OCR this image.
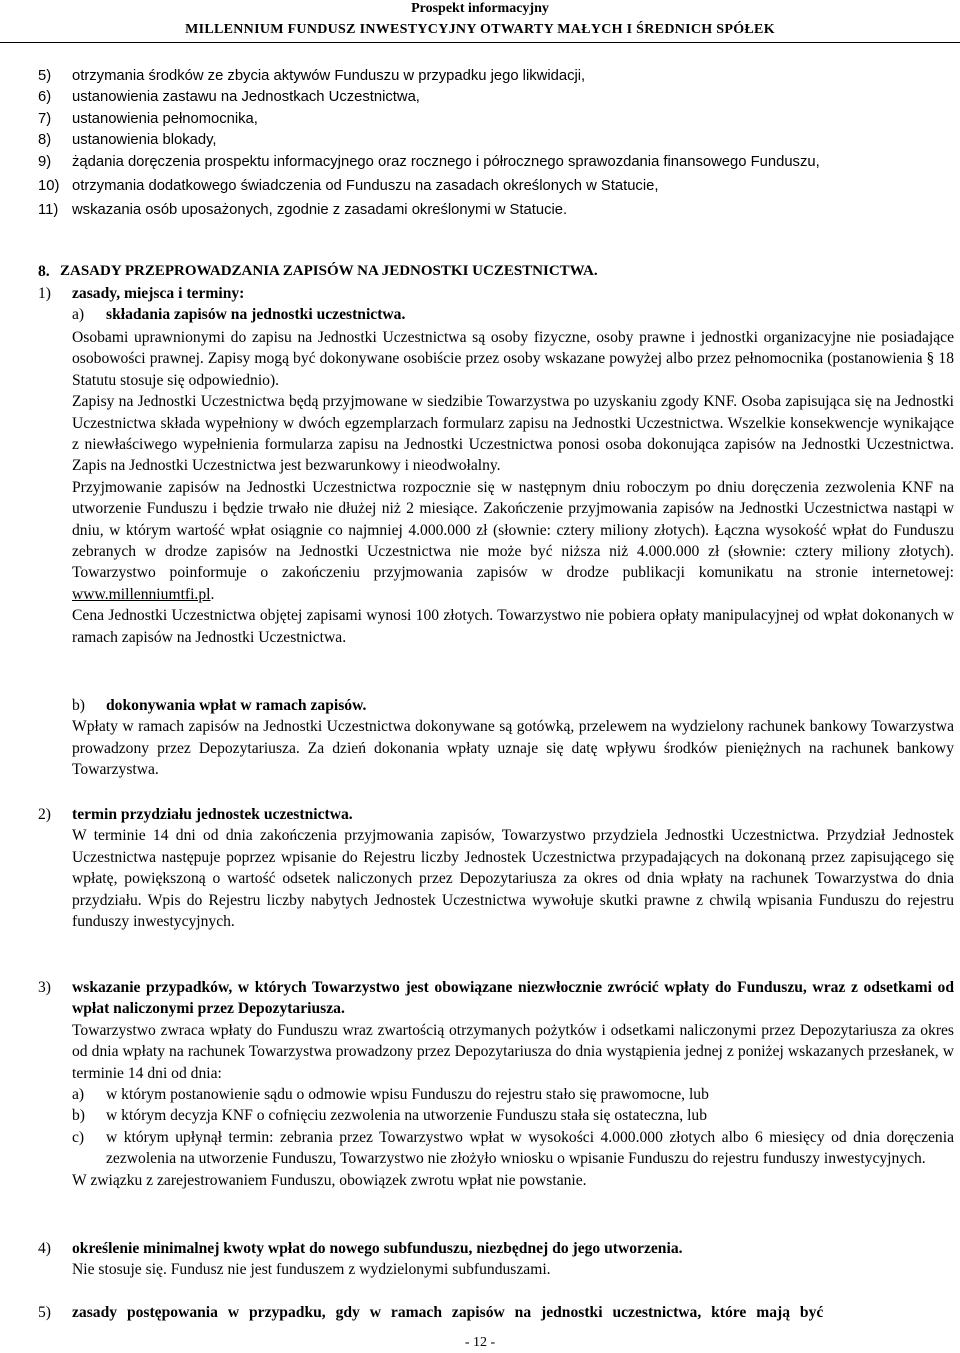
Prospekt informacyjny
MILLENNIUM FUNDUSZ INWESTYCYJNY OTWARTY MAŁYCH I ŚREDNICH SPÓŁEK
5) otrzymania środków ze zbycia aktywów Funduszu w przypadku jego likwidacji,
6) ustanowienia zastawu na Jednostkach Uczestnictwa,
7) ustanowienia pełnomocnika,
8) ustanowienia blokady,
9) żądania doręczenia prospektu informacyjnego oraz rocznego i półrocznego sprawozdania finansowego Funduszu,
10) otrzymania dodatkowego świadczenia od Funduszu na zasadach określonych w Statucie,
11) wskazania osób uposażonych, zgodnie z zasadami określonymi w Statucie.
8. ZASADY PRZEPROWADZANIA ZAPISÓW NA JEDNOSTKI UCZESTNICTWA.
1) zasady, miejsca i terminy:
a)	składania zapisów na jednostki uczestnictwa.

Osobami uprawnionymi do zapisu na Jednostki Uczestnictwa są osoby fizyczne, osoby prawne i jednostki organizacyjne nie posiadające osobowości prawnej. Zapisy mogą być dokonywane osobiście przez osoby wskazane powyżej albo przez pełnomocnika (postanowienia § 18 Statutu stosuje się odpowiednio).

Zapisy na Jednostki Uczestnictwa będą przyjmowane w siedzibie Towarzystwa po uzyskaniu zgody KNF. Osoba zapisująca się na Jednostki Uczestnictwa składa wypełniony w dwóch egzemplarzach formularz zapisu na Jednostki Uczestnictwa. Wszelkie konsekwencje wynikające z niewłaściwego wypełnienia formularza zapisu na Jednostki Uczestnictwa ponosi osoba dokonująca zapisów na Jednostki Uczestnictwa. Zapis na Jednostki Uczestnictwa jest bezwarunkowy i nieodwołalny.

Przyjmowanie zapisów na Jednostki Uczestnictwa rozpocznie się w następnym dniu roboczym po dniu doręczenia zezwolenia KNF na utworzenie Funduszu i będzie trwało nie dłużej niż 2 miesiące. Zakończenie przyjmowania zapisów na Jednostki Uczestnictwa nastąpi w dniu, w którym wartość wpłat osiągnie co najmniej 4.000.000 zł (słownie: cztery miliony złotych). Łączna wysokość wpłat do Funduszu zebranych w drodze zapisów na Jednostki Uczestnictwa nie może być niższa niż 4.000.000 zł (słownie: cztery miliony złotych). Towarzystwo poinformuje o zakończeniu przyjmowania zapisów w drodze publikacji komunikatu na stronie internetowej: www.millenniumtfi.pl.

Cena Jednostki Uczestnictwa objętej zapisami wynosi 100 złotych. Towarzystwo nie pobiera opłaty manipulacyjnej od wpłat dokonanych w ramach zapisów na Jednostki Uczestnictwa.

b)	dokonywania wpłat w ramach zapisów.

Wpłaty w ramach zapisów na Jednostki Uczestnictwa dokonywane są gotówką, przelewem na wydzielony rachunek bankowy Towarzystwa prowadzony przez Depozytariusza. Za dzień dokonania wpłaty uznaje się datę wpływu środków pieniężnych na rachunek bankowy Towarzystwa.

2) termin przydziału jednostek uczestnictwa.

W terminie 14 dni od dnia zakończenia przyjmowania zapisów, Towarzystwo przydziela Jednostki Uczestnictwa. Przydział Jednostek Uczestnictwa następuje poprzez wpisanie do Rejestru liczby Jednostek Uczestnictwa przypadających na dokonaną przez zapisującego się wpłatę, powiększoną o wartość odsetek naliczonych przez Depozytariusza za okres od dnia wpłaty na rachunek Towarzystwa do dnia przydziału. Wpis do Rejestru liczby nabytych Jednostek Uczestnictwa wywołuje skutki prawne z chwilą wpisania Funduszu do rejestru funduszy inwestycyjnych.

3) wskazanie przypadków, w których Towarzystwo jest obowiązane niezwłocznie zwrócić wpłaty do Funduszu, wraz z odsetkami od wpłat naliczonymi przez Depozytariusza.

Towarzystwo zwraca wpłaty do Funduszu wraz zwartością otrzymanych pożytków i odsetkami naliczonymi przez Depozytariusza za okres od dnia wpłaty na rachunek Towarzystwa prowadzony przez Depozytariusza do dnia wystąpienia jednej z poniżej wskazanych przesłanek, w terminie 14 dni od dnia:

a)	w którym postanowienie sądu o odmowie wpisu Funduszu do rejestru stało się prawomocne, lub

b)	w którym decyzja KNF o cofnięciu zezwolenia na utworzenie Funduszu stała się ostateczna, lub

c)	w którym upłynął termin: zebrania przez Towarzystwo wpłat w wysokości 4.000.000 złotych albo 6 miesięcy od dnia doręczenia zezwolenia na utworzenie Funduszu, Towarzystwo nie złożyło wniosku o wpisanie Funduszu do rejestru funduszy inwestycyjnych.

W związku z zarejestrowaniem Funduszu, obowiązek zwrotu wpłat nie powstanie.

4) określenie minimalnej kwoty wpłat do nowego subfunduszu, niezbędnej do jego utworzenia.
Nie stosuje się. Fundusz nie jest funduszem z wydzielonymi subfunduszami.
5) zasady postępowania w przypadku, gdy w ramach zapisów na jednostki uczestnictwa, które mają być
- 12 -
